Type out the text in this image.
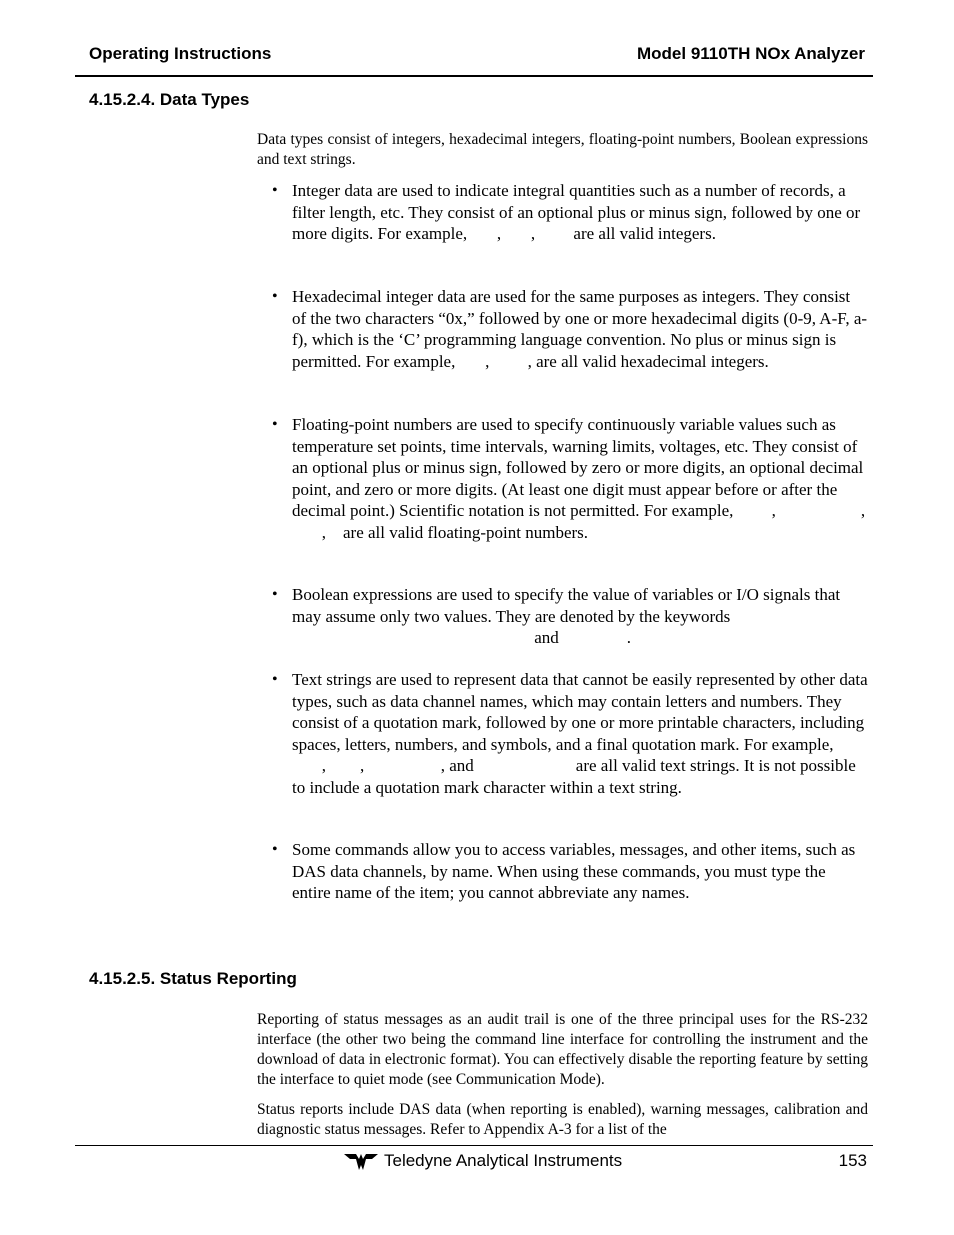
Operating Instructions	Model 9110TH NOx Analyzer
4.15.2.4. Data Types

Data types consist of integers, hexadecimal integers, floating-point numbers, Boolean expressions and text strings.

• Integer data are used to indicate integral quantities such as a number of records, a filter length, etc. They consist of an optional plus or minus sign, followed by one or more digits. For example,       ,       ,         are all valid integers.

• Hexadecimal integer data are used for the same purposes as integers. They consist of the two characters “0x,” followed by one or more hexadecimal digits (0-9, A-F, a-f), which is the ‘C’ programming language convention. No plus or minus sign is permitted. For example,       ,         , are all valid hexadecimal integers.

• Floating-point numbers are used to specify continuously variable values such as temperature set points, time intervals, warning limits, voltages, etc. They consist of an optional plus or minus sign, followed by zero or more digits, an optional decimal point, and zero or more digits. (At least one digit must appear before or after the decimal point.) Scientific notation is not permitted. For example,         ,                    ,        ,    are all valid floating-point numbers.

• Boolean expressions are used to specify the value of variables or I/O signals that may assume only two values. They are denoted by the keywords                                                          and                .

• Text strings are used to represent data that cannot be easily represented by other data types, such as data channel names, which may contain letters and numbers. They consist of a quotation mark, followed by one or more printable characters, including spaces, letters, numbers, and symbols, and a final quotation mark. For example,        ,        ,                  , and                        are all valid text strings. It is not possible to include a quotation mark character within a text string.

• Some commands allow you to access variables, messages, and other items, such as DAS data channels, by name. When using these commands, you must type the entire name of the item; you cannot abbreviate any names.

4.15.2.5. Status Reporting

Reporting of status messages as an audit trail is one of the three principal uses for the RS-232 interface (the other two being the command line interface for controlling the instrument and the download of data in electronic format). You can effectively disable the reporting feature by setting the interface to quiet mode (see Communication Mode).

Status reports include DAS data (when reporting is enabled), warning messages, calibration and diagnostic status messages. Refer to Appendix A-3 for a list of the

Teledyne Analytical Instruments	153
